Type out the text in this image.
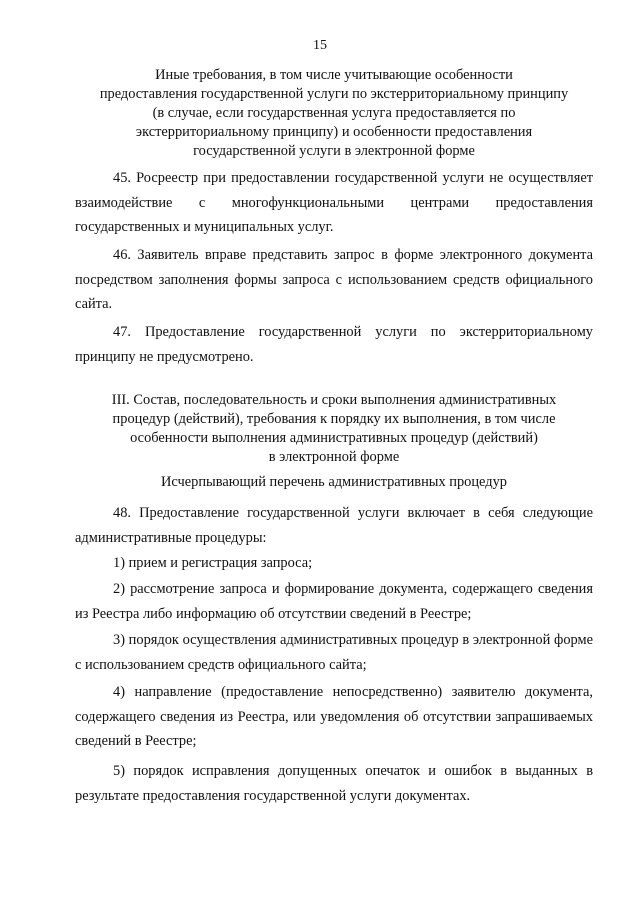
15
Иные требования, в том числе учитывающие особенности
предоставления государственной услуги по экстерриториальному принципу
(в случае, если государственная услуга предоставляется по
экстерриториальному принципу) и особенности предоставления
государственной услуги в электронной форме

45. Росреестр при предоставлении государственной услуги не осуществляет взаимодействие с многофункциональными центрами предоставления государственных и муниципальных услуг.

46. Заявитель вправе представить запрос в форме электронного документа посредством заполнения формы запроса с использованием средств официального сайта.

47. Предоставление государственной услуги по экстерриториальному принципу не предусмотрено.

III. Состав, последовательность и сроки выполнения административных
процедур (действий), требования к порядку их выполнения, в том числе
особенности выполнения административных процедур (действий)
в электронной форме
Исчерпывающий перечень административных процедур

48. Предоставление государственной услуги включает в себя следующие административные процедуры:

1) прием и регистрация запроса;

2) рассмотрение запроса и формирование документа, содержащего сведения из Реестра либо информацию об отсутствии сведений в Реестре;

3) порядок осуществления административных процедур в электронной форме с использованием средств официального сайта;

4) направление (предоставление непосредственно) заявителю документа, содержащего сведения из Реестра, или уведомления об отсутствии запрашиваемых сведений в Реестре;

5) порядок исправления допущенных опечаток и ошибок в выданных в результате предоставления государственной услуги документах.
